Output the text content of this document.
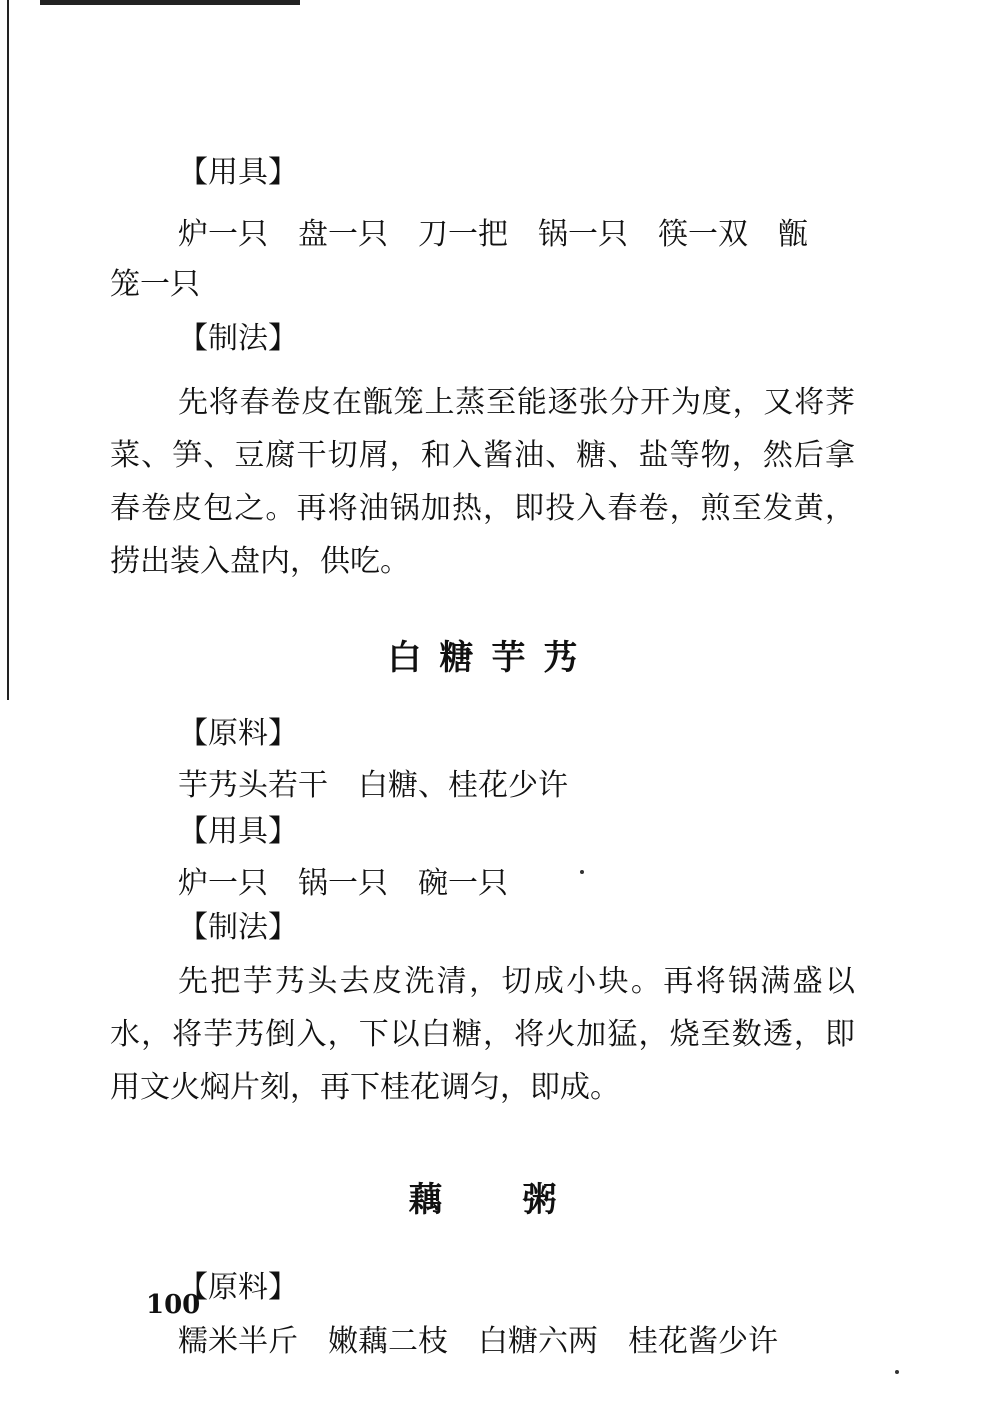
【用具】
炉一只　盘一只　刀一把　锅一只　筷一双　甑
笼一只
【制法】
先将春卷皮在甑笼上蒸至能逐张分开为度，又将荠菜、笋、豆腐干切屑，和入酱油、糖、盐等物，然后拿春卷皮包之。再将油锅加热，即投入春卷，煎至发黄，捞出装入盘内，供吃。
白糖芋艿
【原料】
芋艿头若干　白糖、桂花少许
【用具】
炉一只　锅一只　碗一只
【制法】
先把芋艿头去皮洗清，切成小块。再将锅满盛以水，将芋艿倒入，下以白糖，将火加猛，烧至数透，即用文火焖片刻，再下桂花调匀，即成。
藕粥
【原料】
糯米半斤　嫩藕二枝　白糖六两　桂花酱少许
100
